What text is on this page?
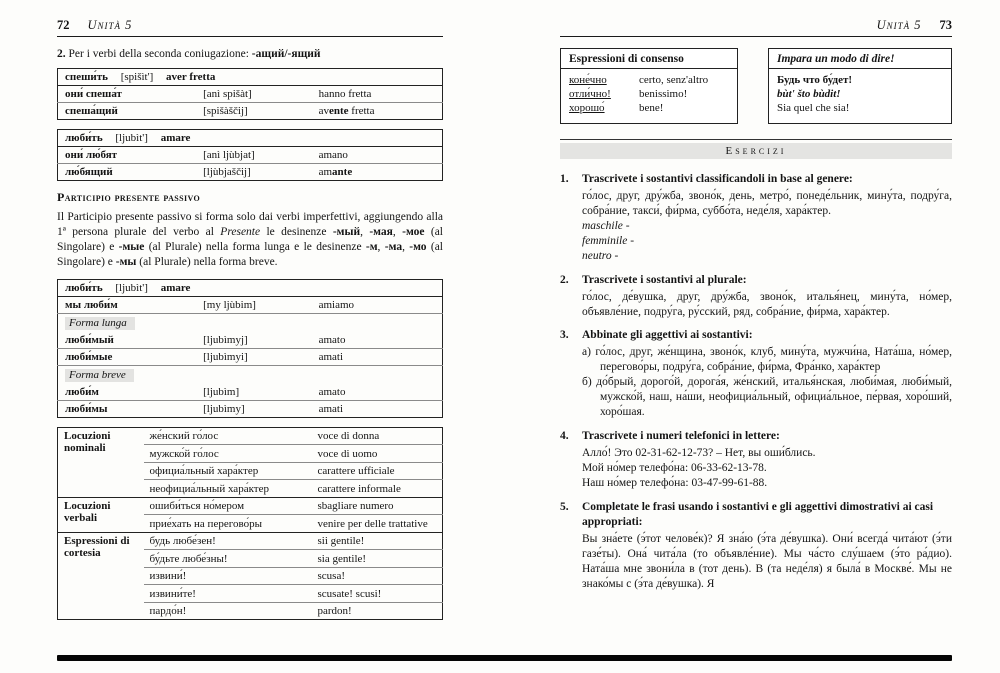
72 Unità 5

2. Per i verbi della seconda coniugazione: -ащий/-ящий

спеши́ть [spišìt'] aver fretta		
они́ спеша́т	[anì spišàt]	hanno fretta
спеша́щий	[spišàščij]	avente fretta
люби́ть [ljubìt'] amare		
они́ лю́бят	[anì ljùbjat]	amano
лю́бящий	[ljùbjaščij]	amante
Participio presente passivo

Il Participio presente passivo si forma solo dai verbi imperfettivi, aggiungendo alla 1ª persona plurale del verbo al Presente le desinenze -мый, -мая, -мое (al Singolare) e -мые (al Plurale) nella forma lunga e le desinenze -м, -ма, -мо (al Singolare) e -мы (al Plurale) nella forma breve.

люби́ть [ljubìt'] amare		
мы люби́м	[my ljùbim]	amiamo
Forma lunga		
люби́мый	[ljubìmyj]	amato
люби́мые	[ljubìmyi]	amati
Forma breve		
люби́м	[ljubìm]	amato
люби́мы	[ljubìmy]	amati
Locuzioni nominali	же́нский го́лос	voce di donna
	мужско́й го́лос	voce di uomo
	официа́льный хара́ктер	carattere ufficiale
	неофициа́льный хара́ктер	carattere informale
Locuzioni verbali	ошиби́ться но́мером	sbagliare numero
	прие́хать на перегово́ры	venire per delle trattative
Espressioni di cortesia	будь любе́зен!	sii gentile!
	бу́дьте любе́зны!	sia gentile!
	извини́!	scusa!
	извини́те!	scusate! scusi!
	пардо́н!	pardon!
Unità 5 73
Espressioni di consenso
коне́чно	certo, senz'altro
отли́чно!	benissimo!
хорошо́	bene!
Impara un modo di dire!
Будь что бу́дет!
bùt' što bùdit!
Sia quel che sia!
Esercizi
1.	Trascrivete i sostantivi classificandoli in base al genere:
го́лос, друг, дру́жба, звоно́к, день, метро́, понеде́льник, мину́та, подру́га, собра́ние, такси́, фи́рма, суббо́та, неде́ля, хара́ктер.
maschile -
femminile -
neutro -
2.	Trascrivete i sostantivi al plurale:
го́лос, де́вушка, друг, дру́жба, звоно́к, италья́нец, мину́та, но́мер, объявле́ние, подру́га, ру́сский, ряд, собра́ние, фи́рма, хара́ктер.
3.	Abbinate gli aggettivi ai sostantivi:
а) го́лос, друг, же́нщина, звоно́к, клуб, мину́та, мужчи́на, Ната́ша, но́мер, перегово́ры, подру́га, собра́ние, фи́рма, Фра́нко, хара́ктер
б) до́брый, дорого́й, дорога́я, же́нский, италья́нская, люби́мая, люби́мый, мужско́й, наш, на́ши, неофициа́льный, официа́льное, пе́рвая, хоро́ший, хоро́шая.
4.	Trascrivete i numeri telefonici in lettere:
Алло́! Это 02-31-62-12-73? – Нет, вы оши́блись.
Мой но́мер телефо́на: 06-33-62-13-78.
Наш но́мер телефо́на: 03-47-99-61-88.
5.	Completate le frasi usando i sostantivi e gli aggettivi dimostrativi ai casi appropriati:
Вы зна́ете (э́тот челове́к)? Я зна́ю (э́та де́вушка). Они́ всегда́ чита́ют (э́ти газе́ты). Она́ чита́ла (то объявле́ние). Мы ча́сто слу́шаем (э́то ра́дио). Ната́ша мне звони́ла в (тот день). В (та неде́ля) я была́ в Москве́. Мы не знако́мы с (э́та де́вушка). Я
